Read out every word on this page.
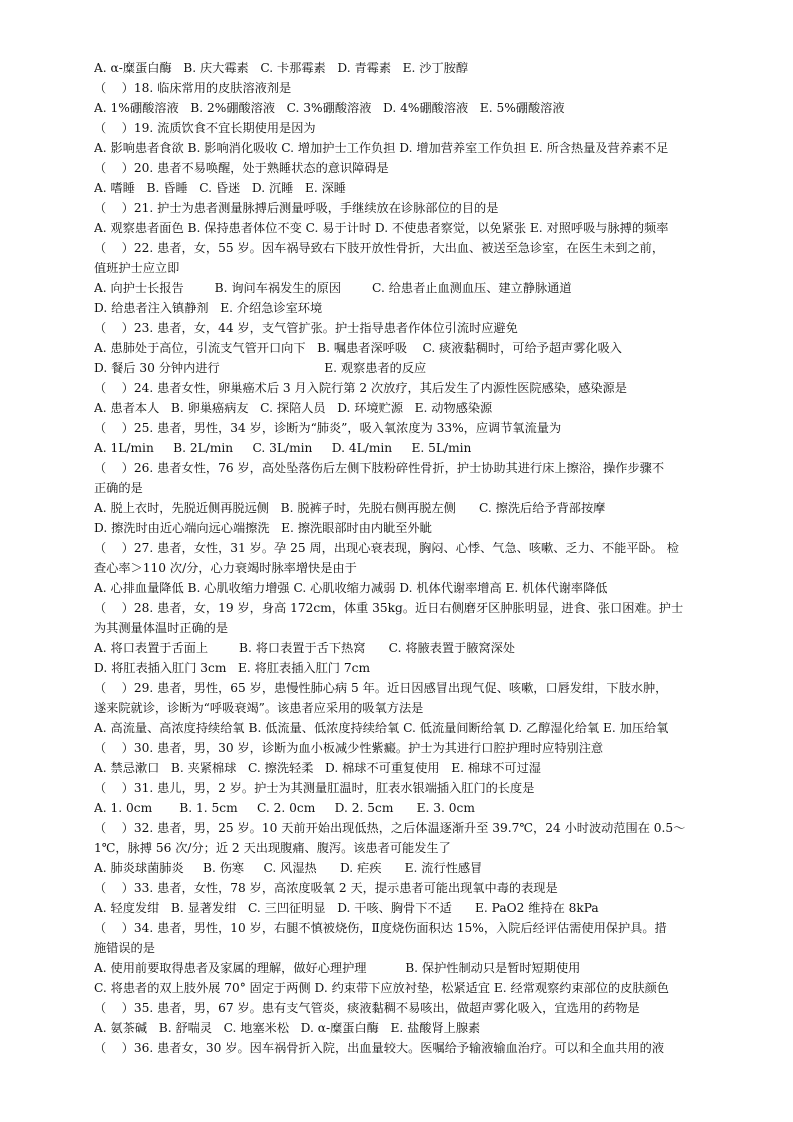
A. α-糜蛋白酶   B. 庆大霉素   C. 卡那霉素   D. 青霉素   E. 沙丁胺醇
（    ）18. 临床常用的皮肤溶液剂是
A. 1%硼酸溶液   B. 2%硼酸溶液   C. 3%硼酸溶液   D. 4%硼酸溶液   E. 5%硼酸溶液
（    ）19. 流质饮食不宜长期使用是因为
A. 影响患者食欲 B. 影响消化吸收 C. 增加护士工作负担 D. 增加营养室工作负担 E. 所含热量及营养素不足
（    ）20. 患者不易唤醒，处于熟睡状态的意识障碍是
A. 嗜睡   B. 昏睡   C. 昏迷   D. 沉睡   E. 深睡
（    ）21. 护士为患者测量脉搏后测量呼吸，手继续放在诊脉部位的目的是
A. 观察患者面色 B. 保持患者体位不变 C. 易于计时 D. 不使患者察觉，以免紧张 E. 对照呼吸与脉搏的频率
（    ）22. 患者，女，55 岁。因车祸导致右下肢开放性骨折，大出血、被送至急诊室，在医生未到之前，
值班护士应立即
A. 向护士长报告        B. 询问车祸发生的原因        C. 给患者止血测血压、建立静脉通道
D. 给患者注入镇静剂   E. 介绍急诊室环境
（    ）23. 患者，女，44 岁，支气管扩张。护士指导患者作体位引流时应避免
A. 患肺处于高位，引流支气管开口向下   B. 嘱患者深呼吸    C. 痰液黏稠时，可给予超声雾化吸入
D. 餐后 30 分钟内进行                           E. 观察患者的反应
（    ）24. 患者女性，卵巢癌术后 3 月入院行第 2 次放疗，其后发生了内源性医院感染，感染源是
A. 患者本人   B. 卵巢癌病友   C. 探陪人员   D. 环境贮源   E. 动物感染源
（    ）25. 患者，男性，34 岁，诊断为“肺炎”，吸入氧浓度为 33%，应调节氧流量为
A. 1L/min     B. 2L/min     C. 3L/min     D. 4L/min     E. 5L/min
（    ）26. 患者女性，76 岁，高处坠落伤后左侧下肢粉碎性骨折，护士协助其进行床上擦浴，操作步骤不
正确的是
A. 脱上衣时，先脱近侧再脱远侧   B. 脱裤子时，先脱右侧再脱左侧      C. 擦洗后给予背部按摩
D. 擦洗时由近心端向远心端擦洗   E. 擦洗眼部时由内眦至外眦
（    ）27. 患者，女性，31 岁。孕 25 周，出现心衰表现，胸闷、心悸、气急、咳嗽、乏力、不能平卧。 检
查心率＞110 次/分，心力衰竭时脉率增快是由于
A. 心排血量降低 B. 心肌收缩力增强 C. 心肌收缩力减弱 D. 机体代谢率增高 E. 机体代谢率降低
（    ）28. 患者，女，19 岁，身高 172cm，体重 35kg。近日右侧磨牙区肿胀明显，进食、张口困难。护士
为其测量体温时正确的是
A. 将口表置于舌面上        B. 将口表置于舌下热窝      C. 将腋表置于腋窝深处
D. 将肛表插入肛门 3cm   E. 将肛表插入肛门 7cm
（    ）29. 患者，男性，65 岁，患慢性肺心病 5 年。近日因感冒出现气促、咳嗽，口唇发绀，下肢水肿，
遂来院就诊，诊断为“呼吸衰竭”。该患者应采用的吸氧方法是
A. 高流量、高浓度持续给氧 B. 低流量、低浓度持续给氧 C. 低流量间断给氧 D. 乙醇湿化给氧 E. 加压给氧
（    ）30. 患者，男，30 岁，诊断为血小板减少性紫癜。护士为其进行口腔护理时应特别注意
A. 禁忌漱口   B. 夹紧棉球   C. 擦洗轻柔   D. 棉球不可重复使用   E. 棉球不可过湿
（    ）31. 患儿，男，2 岁。护士为其测量肛温时，肛表水银端插入肛门的长度是
A. 1. 0cm       B. 1. 5cm     C. 2. 0cm     D. 2. 5cm      E. 3. 0cm
（    ）32. 患者，男，25 岁。10 天前开始出现低热，之后体温逐渐升至 39.7℃，24 小时波动范围在 0.5～
1℃，脉搏 56 次/分；近 2 天出现腹痛、腹泻。该患者可能发生了
A. 肺炎球菌肺炎     B. 伤寒     C. 风湿热      D. 疟疾      E. 流行性感冒
（    ）33. 患者，女性，78 岁，高浓度吸氧 2 天，提示患者可能出现氧中毒的表现是
A. 轻度发绀   B. 显著发绀   C. 三凹征明显   D. 干咳、胸骨下不适      E. PaO2 维持在 8kPa
（    ）34. 患者，男性，10 岁，右腿不慎被烧伤，Ⅱ度烧伤面积达 15%，入院后经评估需使用保护具。措
施错误的是
A. 使用前要取得患者及家属的理解，做好心理护理          B. 保护性制动只是暂时短期使用
C. 将患者的双上肢外展 70° 固定于两侧 D. 约束带下应放衬垫，松紧适宜 E. 经常观察约束部位的皮肤颜色
（    ）35. 患者，男，67 岁。患有支气管炎，痰液黏稠不易咳出，做超声雾化吸入，宜选用的药物是
A. 氨茶碱   B. 舒喘灵   C. 地塞米松   D. α-糜蛋白酶   E. 盐酸肾上腺素
（    ）36. 患者女，30 岁。因车祸骨折入院，出血量较大。医嘱给予输液输血治疗。可以和全血共用的液
